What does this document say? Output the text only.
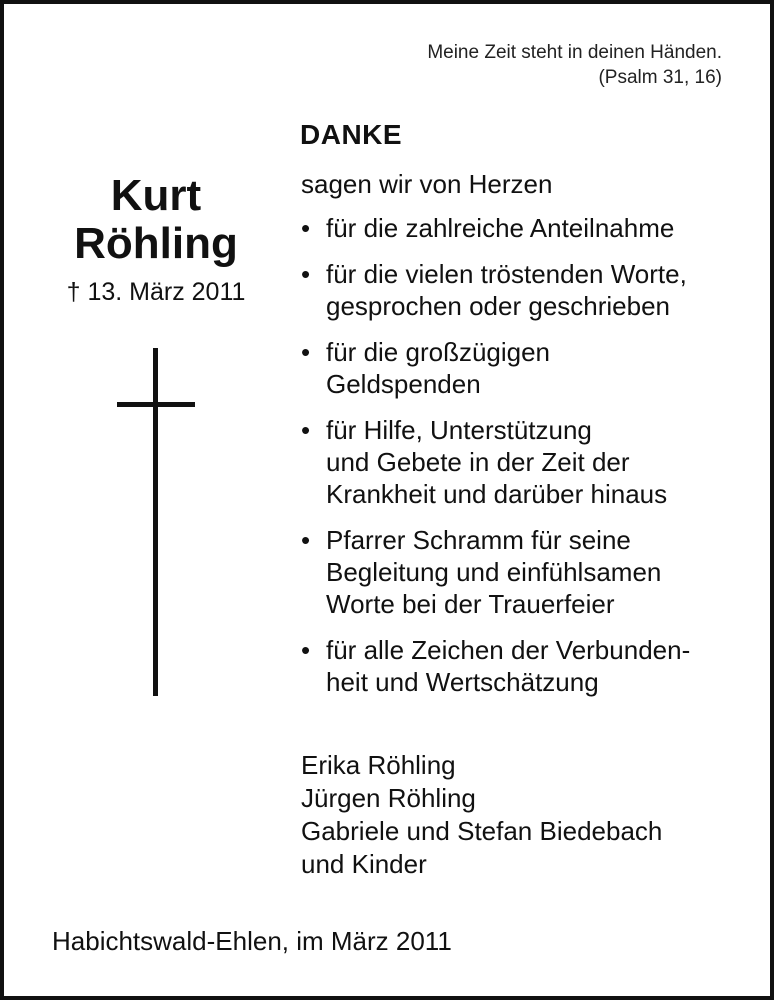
Meine Zeit steht in deinen Händen.
(Psalm 31, 16)
Kurt
Röhling
† 13. März 2011
DANKE
sagen wir von Herzen
• für die zahlreiche Anteilnahme
• für die vielen tröstenden Worte,
gesprochen oder geschrieben
• für die großzügigen
Geldspenden
• für Hilfe, Unterstützung
und Gebete in der Zeit der
Krankheit und darüber hinaus
• Pfarrer Schramm für seine
Begleitung und einfühlsamen
Worte bei der Trauerfeier
• für alle Zeichen der Verbunden-
heit und Wertschätzung
Erika Röhling
Jürgen Röhling
Gabriele und Stefan Biedebach
und Kinder
Habichtswald-Ehlen, im März 2011
